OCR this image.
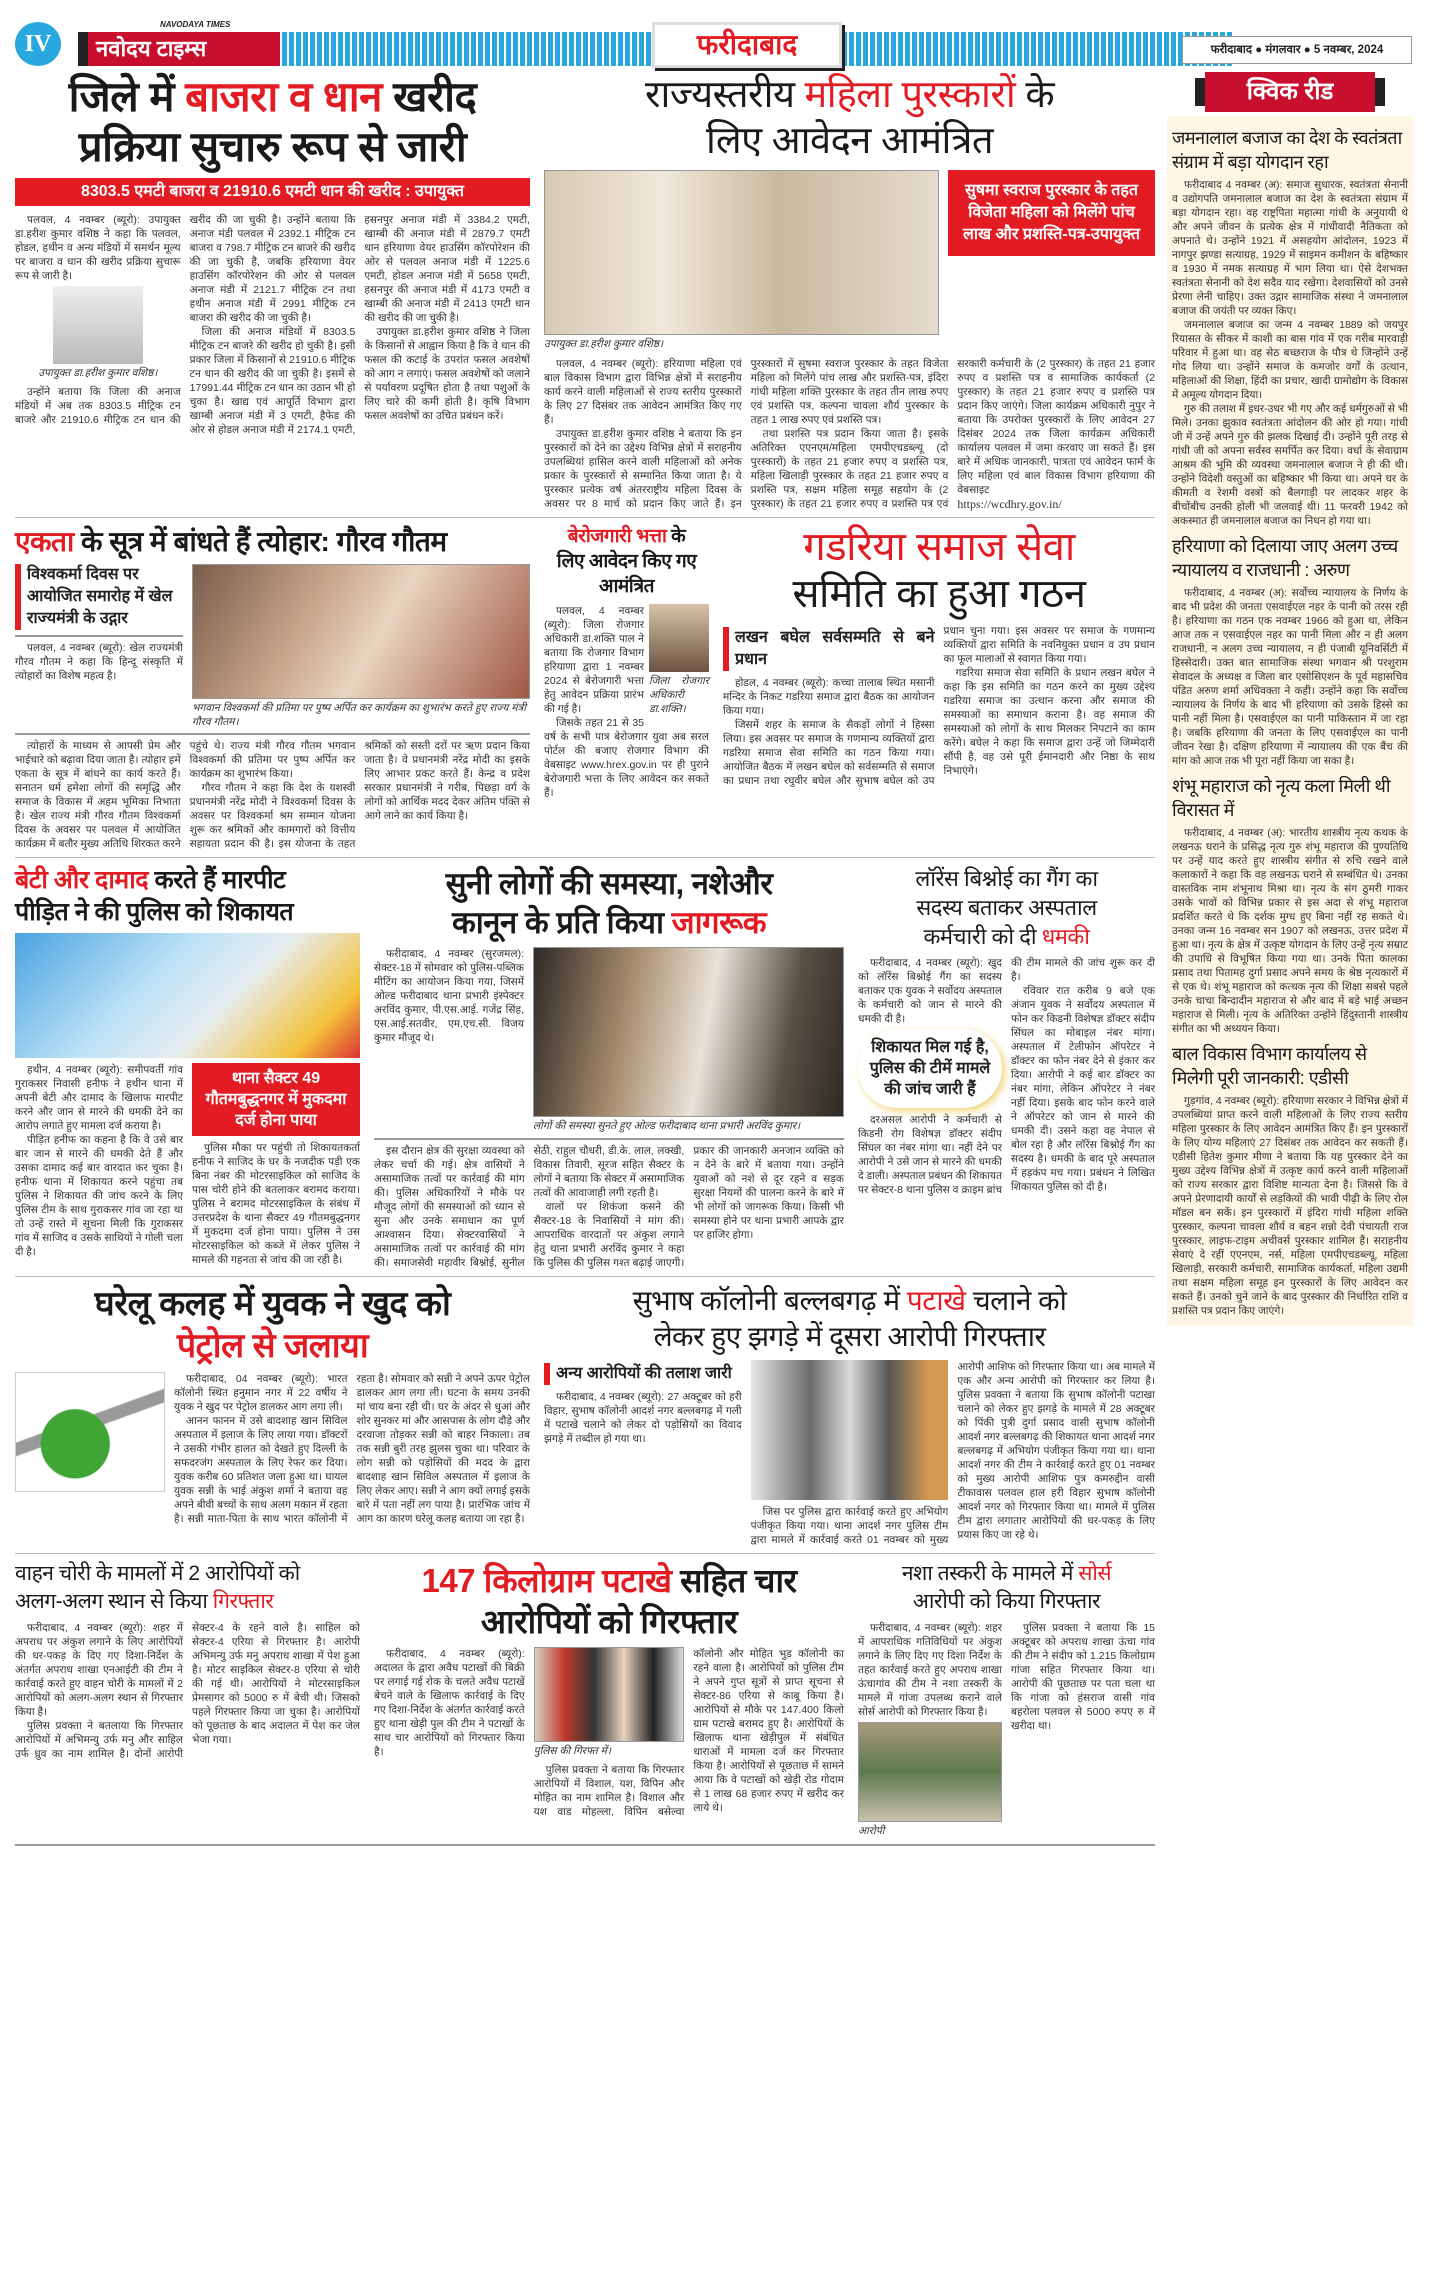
IV
NAVODAYA TIMES
नवोदय टाइम्स	फरीदाबाद	फरीदाबाद ● मंगलवार ● 5 नवम्बर, 2024
जिले में बाजरा व धान खरीद
प्रक्रिया सुचारु रूप से जारी
8303.5 एमटी बाजरा व 21910.6 एमटी धान की खरीद : उपायुक्त

पलवल, 4 नवम्बर (ब्यूरो): उपायुक्त डा.हरीश कुमार वशिष्ठ ने कहा कि पलवल, होडल, हथीन व अन्य मंडियों में समर्थन मूल्य पर बाजरा व धान की खरीद प्रक्रिया सुचारू रूप से जारी है।

उपायुक्त डा.हरीश कुमार वशिष्ठ।

उन्होंने बताया कि जिला की अनाज मंडियों में अब तक 8303.5 मीट्रिक टन बाजरे और 21910.6 मीट्रिक टन धान की खरीद की जा चुकी है। उन्होंने बताया कि अनाज मंडी पलवल में 2392.1 मीट्रिक टन बाजरा व 798.7 मीट्रिक टन बाजरे की खरीद की जा चुकी है, जबकि हरियाणा वेयर हाउसिंग कॉरपोरेशन की ओर से पलवल अनाज मंडी में 2121.7 मीट्रिक टन तथा हथीन अनाज मंडी में 2991 मीट्रिक टन बाजरा की खरीद की जा चुकी है।

जिला की अनाज मंडियों में 8303.5 मीट्रिक टन बाजरे की खरीद हो चुकी है। इसी प्रकार जिला में किसानों से 21910.6 मीट्रिक टन धान की खरीद की जा चुकी है। इसमें से 17991.44 मीट्रिक टन धान का उठान भी हो चुका है। खाद्य एवं आपूर्ति विभाग द्वारा खाम्बी अनाज मंडी में 3 एमटी, हैफेड की ओर से होडल अनाज मंडी में 2174.1 एमटी, हसनपुर अनाज मंडी में 3384.2 एमटी, खाम्बी की अनाज मंडी में 2879.7 एमटी धान हरियाणा वेयर हाउसिंग कॉरपोरेशन की ओर से पलवल अनाज मंडी में 1225.6 एमटी, होडल अनाज मंडी में 5658 एमटी, हसनपुर की अनाज मंडी में 4173 एमटी व खाम्बी की अनाज मंडी में 2413 एमटी धान की खरीद की जा चुकी है।

उपायुक्त डा.हरीश कुमार वशिष्ठ ने जिला के किसानों से आह्वान किया है कि वे धान की फसल की कटाई के उपरांत फसल अवशेषों को आग न लगाएं। फसल अवशेषों को जलाने से पर्यावरण प्रदूषित होता है तथा पशुओं के लिए चारे की कमी होती है। कृषि विभाग फसल अवशेषों का उचित प्रबंधन करें।

राज्यस्तरीय महिला पुरस्कारों के
लिए आवेदन आमंत्रित
उपायुक्त डा.हरीश कुमार वशिष्ठ।
सुषमा स्वराज पुरस्कार के तहत विजेता महिला को मिलेंगे पांच लाख और प्रशस्ति-पत्र-उपायुक्त

पलवल, 4 नवम्बर (ब्यूरो): हरियाणा महिला एवं बाल विकास विभाग द्वारा विभिन्न क्षेत्रों में सराहनीय कार्य करने वाली महिलाओं से राज्य स्तरीय पुरस्कारों के लिए 27 दिसंबर तक आवेदन आमंत्रित किए गए हैं।

उपायुक्त डा.हरीश कुमार वशिष्ठ ने बताया कि इन पुरस्कारों को देने का उद्देश्य विभिन्न क्षेत्रों में सराहनीय उपलब्धियां हासिल करने वाली महिलाओं को अनेक प्रकार के पुरस्कारों से सम्मानित किया जाता है। ये पुरस्कार प्रत्येक वर्ष अंतरराष्ट्रीय महिला दिवस के अवसर पर 8 मार्च को प्रदान किए जाते हैं। इन पुरस्कारों में सुषमा स्वराज पुरस्कार के तहत विजेता महिला को मिलेंगे पांच लाख और प्रशस्ति-पत्र, इंदिरा गांधी महिला शक्ति पुरस्कार के तहत तीन लाख रुपए एवं प्रशस्ति पत्र, कल्पना चावला शौर्य पुरस्कार के तहत 1 लाख रुपए एवं प्रशस्ति पत्र।

तथा प्रशस्ति पत्र प्रदान किया जाता है। इसके अतिरिक्त एएनएम/महिला एमपीएचडब्ल्यू (दो पुरस्कारों) के तहत 21 हजार रुपए व प्रशस्ति पत्र, महिला खिलाड़ी पुरस्कार के तहत 21 हजार रुपए व प्रशस्ति पत्र, सक्षम महिला समूह सहयोग के (2 पुरस्कार) के तहत 21 हजार रुपए व प्रशस्ति पत्र एवं सरकारी कर्मचारी के (2 पुरस्कार) के तहत 21 हजार रुपए व प्रशस्ति पत्र व सामाजिक कार्यकर्ता (2 पुरस्कार) के तहत 21 हजार रुपए व प्रशस्ति पत्र प्रदान किए जाएंगे। जिला कार्यक्रम अधिकारी नुपुर ने बताया कि उपरोक्त पुरस्कारों के लिए आवेदन 27 दिसंबर 2024 तक जिला कार्यक्रम अधिकारी कार्यालय पलवल में जमा करवाए जा सकते हैं। इस बारे में अधिक जानकारी, पात्रता एवं आवेदन फार्म के लिए महिला एवं बाल विकास विभाग हरियाणा की वेबसाइट

https://wcdhry.gov.in/
एकता के सूत्र में बांधते हैं त्योहार: गौरव गौतम
विश्वकर्मा दिवस पर आयोजित समारोह में खेल राज्यमंत्री के उद्गार

पलवल, 4 नवम्बर (ब्यूरो): खेल राज्यमंत्री गौरव गौतम ने कहा कि हिन्दू संस्कृति में त्योहारों का विशेष महत्व है।

भगवान विश्वकर्मा की प्रतिमा पर पुष्प अर्पित कर कार्यक्रम का शुभारंभ करते हुए राज्य मंत्री गौरव गौतम।

त्योहारों के माध्यम से आपसी प्रेम और भाईचारे को बढ़ावा दिया जाता है। त्योहार हमें एकता के सूत्र में बांधने का कार्य करते हैं। सनातन धर्म हमेशा लोगों की समृद्धि और समाज के विकास में अहम भूमिका निभाता है। खेल राज्य मंत्री गौरव गौतम विश्वकर्मा दिवस के अवसर पर पलवल में आयोजित कार्यक्रम में बतौर मुख्य अतिथि शिरकत करने पहुंचे थे। राज्य मंत्री गौरव गौतम भगवान विश्वकर्मा की प्रतिमा पर पुष्प अर्पित कर कार्यक्रम का शुभारंभ किया।

गौरव गौतम ने कहा कि देश के यशस्वी प्रधानमंत्री नरेंद्र मोदी ने विश्वकर्मा दिवस के अवसर पर विश्वकर्मा श्रम सम्मान योजना शुरू कर श्रमिकों और कामगारों को वित्तीय सहायता प्रदान की है। इस योजना के तहत श्रमिकों को सस्ती दरों पर ऋण प्रदान किया जाता है। वे प्रधानमंत्री नरेंद्र मोदी का इसके लिए आभार प्रकट करते हैं। केन्द्र व प्रदेश सरकार प्रधानमंत्री ने गरीब, पिछड़ा वर्ग के लोगों को आर्थिक मदद देकर अंतिम पंक्ति से आगे लाने का कार्य किया है।

बेरोजगारी भत्ता के
लिए आवेदन किए गए आमंत्रित
जिला रोजगार अधिकारी डा.शक्ति।

पलवल, 4 नवम्बर (ब्यूरो): जिला रोजगार अधिकारी डा.शक्ति पाल ने बताया कि रोजगार विभाग हरियाणा द्वारा 1 नवम्बर 2024 से बेरोजगारी भत्ता हेतु आवेदन प्रक्रिया प्रारंभ की गई है।

जिसके तहत 21 से 35 वर्ष के सभी पात्र बेरोजगार युवा अब सरल पोर्टल की बजाए रोजगार विभाग की वेबसाइट www.hrex.gov.in पर ही पुराने बेरोजगारी भत्ता के लिए आवेदन कर सकते हैं।

गडरिया समाज सेवा
समिति का हुआ गठन
लखन बघेल सर्वसम्मति से बने प्रधान

होडल, 4 नवम्बर (ब्यूरो): कच्चा तालाब स्थित मसानी मन्दिर के निकट गडरिया समाज द्वारा बैठक का आयोजन किया गया।

जिसमें शहर के समाज के सैकड़ों लोगों ने हिस्सा लिया। इस अवसर पर समाज के गणमान्य व्यक्तियों द्वारा गडरिया समाज सेवा समिति का गठन किया गया। आयोजित बैठक में लखन बघेल को सर्वसम्मति से समाज का प्रधान तथा रघुवीर बघेल और सुभाष बघेल को उप प्रधान चुना गया। इस अवसर पर समाज के गणमान्य व्यक्तियों द्वारा समिति के नवनियुक्त प्रधान व उप प्रधान का फूल मालाओं से स्वागत किया गया।

गडरिया समाज सेवा समिति के प्रधान लखन बघेल ने कहा कि इस समिति का गठन करने का मुख्य उद्देश्य गडरिया समाज का उत्थान करना और समाज की समस्याओं का समाधान कराना है। वह समाज की समस्याओं को लोगों के साथ मिलकर निपटाने का काम करेंगे। बघेल ने कहा कि समाज द्वारा उन्हें जो जिम्मेदारी सौंपी है, वह उसे पूरी ईमानदारी और निष्ठा के साथ निभाएंगे।

बेटी और दामाद करते हैं मारपीट
पीड़ित ने की पुलिस को शिकायत

हथीन, 4 नवम्बर (ब्यूरो): समीपवर्ती गांव गुराकसर निवासी हनीफ ने हथीन थाना में अपनी बेटी और दामाद के खिलाफ मारपीट करने और जान से मारने की धमकी देने का आरोप लगाते हुए मामला दर्ज कराया है।

पीड़ित हनीफ का कहना है कि वे उसे बार बार जान से मारने की धमकी देते हैं और उसका दामाद कई बार वारदात कर चुका है। हनीफ थाना में शिकायत करने पहुंचा तब पुलिस ने शिकायत की जांच करने के लिए पुलिस टीम के साथ गुराकसर गांव जा रहा था तो उन्हें रास्ते में सूचना मिली कि गुराकसर गांव में साजिद व उसके साथियों ने गोली चला दी है।

थाना सैक्टर 49 गौतमबुद्धनगर में मुकदमा दर्ज होना पाया

पुलिस मौका पर पहुंची तो शिकायतकर्ता हनीफ ने साजिद के घर के नजदीक पड़ी एक बिना नंबर की मोटरसाइकिल को साजिद के पास चोरी होने की बतलाकर बरामद कराया। पुलिस ने बरामद मोटरसाइकिल के संबंध में उत्तरप्रदेश के थाना सैक्टर 49 गौतमबुद्धनगर में मुकदमा दर्ज होना पाया। पुलिस ने उस मोटरसाइकिल को कब्जे में लेकर पुलिस ने मामले की गहनता से जांच की जा रही है।

सुनी लोगों की समस्या, नशेऔर
कानून के प्रति किया जागरूक

फरीदाबाद, 4 नवम्बर (सुरजमल): सेक्टर-18 में सोमवार को पुलिस-पब्लिक मीटिंग का आयोजन किया गया, जिसमें ओल्ड फरीदाबाद थाना प्रभारी इंस्पेक्टर अरविंद कुमार, पी.एस.आई. गजेंद्र सिंह, एस.आई.सतवीर, एम.एच.सी. विजय कुमार मौजूद थे।

लोगों की समस्या सुनते हुए ओल्ड फरीदाबाद थाना प्रभारी अरविंद कुमार।

इस दौरान क्षेत्र की सुरक्षा व्यवस्था को लेकर चर्चा की गई। क्षेत्र वासियों ने असामाजिक तत्वों पर कार्रवाई की मांग की। पुलिस अधिकारियों ने मौके पर मौजूद लोगों की समस्याओं को ध्यान से सुना और उनके समाधान का पूर्ण आश्वासन दिया। सेक्टरवासियों ने असामाजिक तत्वों पर कार्रवाई की मांग की। समाजसेवी महावीर बिश्नोई, सुनील सेठी, राहुल चौधरी, डी.के. लाल, लक्खी, विकास तिवारी, सूरज सहित सैक्टर के लोगों ने बताया कि सेक्टर में असामाजिक तत्वों की आवाजाही लगी रहती है।

वालों पर शिकंजा कसने की सैक्टर-18 के निवासियों ने मांग की। आपराधिक वारदातों पर अंकुश लगाने हेतु थाना प्रभारी अरविंद कुमार ने कहा कि पुलिस की पुलिस गश्त बढ़ाई जाएगी। प्रकार की जानकारी अनजान व्यक्ति को न देने के बारे में बताया गया। उन्होंने युवाओं को नशे से दूर रहने व सड़क सुरक्षा नियमों की पालना करने के बारे में भी लोगों को जागरूक किया। किसी भी समस्या होने पर थाना प्रभारी आपके द्वार पर हाजिर होगा।

लॉरेंस बिश्नोई का गैंग का
सदस्य बताकर अस्पताल
कर्मचारी को दी धमकी

फरीदाबाद, 4 नवम्बर (ब्यूरो): खुद को लॉरेंस बिश्नोई गैंग का सदस्य बताकर एक युवक ने सर्वोदय अस्पताल के कर्मचारी को जान से मारने की धमकी दी है।

शिकायत मिल गई है, पुलिस की टीमें मामले की जांच जारी हैं

दरअसल आरोपी ने कर्मचारी से किडनी रोग विशेषज्ञ डॉक्टर संदीप सिंघल का नंबर मांगा था। नहीं देने पर आरोपी ने उसे जान से मारने की धमकी दे डाली। अस्पताल प्रबंधन की शिकायत पर सेक्टर-8 थाना पुलिस व क्राइम ब्रांच की टीम मामले की जांच शुरू कर दी है।

रविवार रात करीब 9 बजे एक अंजान युवक ने सर्वोदय अस्पताल में फोन कर किडनी विशेषज्ञ डॉक्टर संदीप सिंघल का मोबाइल नंबर मांगा। अस्पताल में टेलीफोन ऑपरेटर ने डॉक्टर का फोन नंबर देने से इंकार कर दिया। आरोपी ने कई बार डॉक्टर का नंबर मांगा, लेकिन ऑपरेटर ने नंबर नहीं दिया। इसके बाद फोन करने वाले ने ऑपरेटर को जान से मारने की धमकी दी। उसने कहा वह नेपाल से बोल रहा है और लॉरेंस बिश्नोई गैंग का सदस्य है। धमकी के बाद पूरे अस्पताल में हड़कंप मच गया। प्रबंधन ने लिखित शिकायत पुलिस को दी है।

घरेलू कलह में युवक ने खुद को
पेट्रोल से जलाया

फरीदाबाद, 04 नवम्बर (ब्यूरो): भारत कॉलोनी स्थित हनुमान नगर में 22 वर्षीय ने युवक ने खुद पर पेट्रोल डालकर आग लगा ली।

आनन फानन में उसे बादशाह खान सिविल अस्पताल में इलाज के लिए लाया गया। डॉक्टरों ने उसकी गंभीर हालत को देखते हुए दिल्ली के सफदरजंग अस्पताल के लिए रेफर कर दिया। युवक करीब 60 प्रतिशत जला हुआ था। घायल युवक सन्नी के भाई अंकुश शर्मा ने बताया वह अपने बीवी बच्चों के साथ अलग मकान में रहता है। सन्नी माता-पिता के साथ भारत कॉलोनी में रहता है। सोमवार को सन्नी ने अपने ऊपर पेट्रोल डालकर आग लगा ली। घटना के समय उनकी मां चाय बना रही थी। घर के अंदर से धुआं और शोर सुनकर मां और आसपास के लोग दौड़े और दरवाजा तोड़कर सन्नी को बाहर निकाला। तब तक सन्नी बुरी तरह झुलस चुका था। परिवार के लोग सन्नी को पड़ोसियों की मदद के द्वारा बादशाह खान सिविल अस्पताल में इलाज के लिए लेकर आए। सन्नी ने आग क्यों लगाई इसके बारे में पता नहीं लग पाया है। प्रारंभिक जांच में आग का कारण घरेलू कलह बताया जा रहा है।

सुभाष कॉलोनी बल्लबगढ़ में पटाखे चलाने को
लेकर हुए झगड़े में दूसरा आरोपी गिरफ्तार
अन्य आरोपियों की तलाश जारी

फरीदाबाद, 4 नवम्बर (ब्यूरो): 27 अक्टूबर को हरी विहार, सुभाष कॉलोनी आदर्श नगर बल्लबगढ़ में गली में पटाखे चलाने को लेकर दो पड़ोसियों का विवाद झगड़े में तब्दील हो गया था।

जिस पर पुलिस द्वारा कार्रवाई करते हुए अभियोग पंजीकृत किया गया। थाना आदर्श नगर पुलिस टीम द्वारा मामले में कार्रवाई करते 01 नवम्बर को मुख्य आरोपी आशिफ को गिरफ्तार किया था। अब मामले में एक और अन्य आरोपी को गिरफ्तार कर लिया है। पुलिस प्रवक्ता ने बताया कि सुभाष कॉलोनी पटाखा चलाने को लेकर हुए झगड़े के मामले में 28 अक्टूबर को पिंकी पुत्री दुर्गा प्रसाद वासी सुभाष कॉलोनी आदर्श नगर बल्लबगढ़ की शिकायत थाना आदर्श नगर बल्लबगढ़ में अभियोग पंजीकृत किया गया था। थाना आदर्श नगर की टीम ने कार्रवाई करते हुए 01 नवम्बर को मुख्य आरोपी आशिफ पुत्र कमरुद्दीन वासी टीकावास पलवल हाल हरी विहार सुभाष कॉलोनी आदर्श नगर को गिरफ्तार किया था। मामले में पुलिस टीम द्वारा लगातार आरोपियों की धर-पकड़ के लिए प्रयास किए जा रहे थे।

वाहन चोरी के मामलों में 2 आरोपियों को
अलग-अलग स्थान से किया गिरफ्तार

फरीदाबाद, 4 नवम्बर (ब्यूरो): शहर में अपराध पर अंकुश लगाने के लिए आरोपियों की धर-पकड़ के दिए गए दिशा-निर्देश के अंतर्गत अपराध शाखा एनआईटी की टीम ने कार्रवाई करते हुए वाहन चोरी के मामलों में 2 आरोपियों को अलग-अलग स्थान से गिरफ्तार किया है।

पुलिस प्रवक्ता ने बतलाया कि गिरफ्तार आरोपियों में अभिमन्यु उर्फ मनु और साहिल उर्फ ध्रुव का नाम शामिल है। दोनों आरोपी सेक्टर-4 के रहने वाले है। साहिल को सेक्टर-4 एरिया से गिरफ्तार है। आरोपी अभिमन्यु उर्फ मनु अपराध शाखा में पेश हुआ है। मोटर साइकिल सेक्टर-8 एरिया से चोरी की गई थी। आरोपियों ने मोटरसाइकिल प्रेमसागर को 5000 रु में बेची थी। जिसको पहले गिरफ्तार किया जा चुका है। आरोपियों को पूछताछ के बाद अदालत में पेश कर जेल भेजा गया।

147 किलोग्राम पटाखे सहित चार
आरोपियों को गिरफ्तार

फरीदाबाद, 4 नवम्बर (ब्यूरो): अदालत के द्वारा अवैध पटाखों की बिक्री पर लगाई गई रोक के चलते अवैध पटाखें बेचने वाले के खिलाफ कार्रवाई के दिए गए दिशा-निर्देश के अंतर्गत कार्रवाई करते हुए थाना खेड़ी पुल की टीम ने पटाखों के साथ चार आरोपियों को गिरफ्तार किया है।	पुलिस की गिरफ्त में।

पुलिस प्रवक्ता ने बताया कि गिरफ्तार आरोपियों में विशाल, यश, विपिन और मोहित का नाम शामिल है। विशाल और यश वाड मोहल्ला, विपिन बसेल्वा कॉलोनी और मोहित भुड कॉलोनी का रहने वाला है। आरोपियों को पुलिस टीम ने अपने गुप्त सूत्रों से प्राप्त सूचना से सेक्टर-86 एरिया से काबू किया है। आरोपियों से मौके पर 147.400 किलो ग्राम पटाखे बरामद हुए है। आरोपियों के खिलाफ थाना खेड़ीपुल में संबंधित धाराओं में मामला दर्ज कर गिरफ्तार किया है। आरोपियों से पूछताछ में सामने आया कि वे पटाखों को खेड़ी रोड गोदाम से 1 लाख 68 हजार रुपए में खरीद कर लाये थे।

नशा तस्करी के मामले में सोर्स
आरोपी को किया गिरफ्तार

फरीदाबाद, 4 नवम्बर (ब्यूरो): शहर में आपराधिक गतिविधियों पर अंकुश लगाने के लिए दिए गए दिशा निर्देश के तहत कार्रवाई करते हुए अपराध शाखा ऊंचागांव की टीम ने नशा तस्करी के मामले में गांजा उपलब्ध कराने वाले सोर्स आरोपी को गिरफ्तार किया है।

आरोपी

पुलिस प्रवक्ता ने बताया कि 15 अक्टूबर को अपराध शाखा ऊंचा गांव की टीम ने संदीप को 1.215 किलोग्राम गांजा सहित गिरफ्तार किया था। आरोपी की पूछताछ पर पता चला था कि गांजा को हंसराज वासी गांव बहरोला पलवल से 5000 रुपए रु में खरीदा था।

क्विक रीड
जमनालाल बजाज का देश के स्वतंत्रता संग्राम में बड़ा योगदान रहा

फरीदाबाद 4 नवम्बर (अ): समाज सुधारक, स्वतंत्रता सेनानी व उद्योगपति जमनालाल बजाज का देश के स्वतंत्रता संग्राम में बड़ा योगदान रहा। वह राष्ट्रपिता महात्मा गांधी के अनुयायी थे और अपने जीवन के प्रत्येक क्षेत्र में गांधीवादी नैतिकता को अपनाते थे। उन्होंने 1921 में असहयोग आंदोलन, 1923 में नागपुर झण्डा सत्याग्रह, 1929 में साइमन कमीशन के बहिष्कार व 1930 में नमक सत्याग्रह में भाग लिया था। ऐसे देशभक्त स्वतंत्रता सेनानी को देश सदैव याद रखेगा। देशवासियों को उनसे प्रेरणा लेनी चाहिए। उक्त उद्गार सामाजिक संस्था ने जमनालाल बजाज की जयंती पर व्यक्त किए।

जमनालाल बजाज का जन्म 4 नवम्बर 1889 को जयपुर रियासत के सीकर में काशी का बास गांव में एक गरीब मारवाड़ी परिवार में हुआ था। वह सेठ बच्छराज के पौत्र थे जिन्होंने उन्हें गोद लिया था। उन्होंने समाज के कमजोर वर्गों के उत्थान, महिलाओं की शिक्षा, हिंदी का प्रचार, खादी ग्रामोद्योग के विकास में अमूल्य योगदान दिया।

गुरु की तलाश में इधर-उधर भी गए और कई धर्मगुरुओं से भी मिले। उनका झुकाव स्वतंत्रता आंदोलन की ओर हो गया। गांधी जी में उन्हें अपने गुरु की झलक दिखाई दी। उन्होंने पूरी तरह से गांधी जी को अपना सर्वस्व समर्पित कर दिया। वर्धा के सेवाग्राम आश्रम की भूमि की व्यवस्था जमनालाल बजाज ने ही की थी। उन्होंने विदेशी वस्तुओं का बहिष्कार भी किया था। अपने घर के कीमती व रेशमी वस्त्रों को बैलगाड़ी पर लादकर शहर के बीचोंबीच उनकी होली भी जलवाई थी। 11 फरवरी 1942 को अकस्मात ही जमनालाल बजाज का निधन हो गया था।

हरियाणा को दिलाया जाए अलग उच्च न्यायालय व राजधानी : अरुण

फरीदाबाद, 4 नवम्बर (अ): सर्वोच्च न्यायालय के निर्णय के बाद भी प्रदेश की जनता एसवाईएल नहर के पानी को तरस रही है। हरियाणा का गठन एक नवम्बर 1966 को हुआ था, लेकिन आज तक न एसवाईएल नहर का पानी मिला और न ही अलग राजधानी, न अलग उच्च न्यायालय, न ही पंजाबी यूनिवर्सिटी में हिस्सेदारी। उक्त बात सामाजिक संस्था भगवान श्री परशुराम सेवादल के अध्यक्ष व जिला बार एसोसिएशन के पूर्व महासचिव पंडित अरुण शर्मा अधिवक्ता ने कही। उन्होंने कहा कि सर्वोच्च न्यायालय के निर्णय के बाद भी हरियाणा को उसके हिस्से का पानी नहीं मिला है। एसवाईएल का पानी पाकिस्तान में जा रहा है। जबकि हरियाणा की जनता के लिए एसवाईएल का पानी जीवन रेखा है। दक्षिण हरियाणा में न्यायालय की एक बैंच की मांग को आज तक भी पूरा नहीं किया जा सका है।

शंभू महाराज को नृत्य कला मिली थी विरासत में

फरीदाबाद, 4 नवम्बर (अ): भारतीय शास्त्रीय नृत्य कथक के लखनऊ घराने के प्रसिद्ध नृत्य गुरु शंभू महाराज की पुण्यतिथि पर उन्हें याद करते हुए शास्त्रीय संगीत से रुचि रखने वाले कलाकारों ने कहा कि वह लखनऊ घराने से सम्बंधित थे। उनका वास्तविक नाम शंभूनाथ मिश्रा था। नृत्य के संग ठुमरी गाकर उसके भावों को विभिन्न प्रकार से इस अदा से शंभू महाराज प्रदर्शित करते थे कि दर्शक मुग्ध हुए बिना नहीं रह सकते थे। उनका जन्म 16 नवम्बर सन 1907 को लखनऊ, उत्तर प्रदेश में हुआ था। नृत्य के क्षेत्र में उत्कृष्ट योगदान के लिए उन्हें नृत्य सम्राट की उपाधि से विभूषित किया गया था। उनके पिता कालका प्रसाद तथा पितामह दुर्गा प्रसाद अपने समय के श्रेष्ठ नृत्यकारों में से एक थे। शंभू महाराज को कत्थक नृत्य की शिक्षा सबसे पहले उनके चाचा बिन्दादीन महाराज से और बाद में बड़े भाई अच्छन महाराज से मिली। नृत्य के अतिरिक्त उन्होंने हिंदुस्तानी शास्त्रीय संगीत का भी अध्ययन किया।

बाल विकास विभाग कार्यालय से मिलेगी पूरी जानकारी: एडीसी

गुड़गांव, 4 नवम्बर (ब्यूरो): हरियाणा सरकार ने विभिन्न क्षेत्रों में उपलब्धियां प्राप्त करने वाली महिलाओं के लिए राज्य स्तरीय महिला पुरस्कार के लिए आवेदन आमंत्रित किए हैं। इन पुरस्कारों के लिए योग्य महिलाएं 27 दिसंबर तक आवेदन कर सकती हैं। एडीसी हितेश कुमार मीणा ने बताया कि यह पुरस्कार देने का मुख्य उद्देश्य विभिन्न क्षेत्रों में उत्कृष्ट कार्य करने वाली महिलाओं को राज्य सरकार द्वारा विशिष्ट मान्यता देना है। जिससे कि वे अपने प्रेरणादायी कार्यों से लड़कियों की भावी पीढ़ी के लिए रोल मॉडल बन सकें। इन पुरस्कारों में इंदिरा गांधी महिला शक्ति पुरस्कार, कल्पना चावला शौर्य व बहन शन्नो देवी पंचायती राज पुरस्कार, लाइफ-टाइम अचीवर्स पुरस्कार शामिल हैं। सराहनीय सेवाएं दे रहीं एएनएम, नर्स, महिला एमपीएचडब्ल्यू, महिला खिलाड़ी, सरकारी कर्मचारी, सामाजिक कार्यकर्ता, महिला उद्यमी तथा सक्षम महिला समूह इन पुरस्कारों के लिए आवेदन कर सकते हैं। उनको चुने जाने के बाद पुरस्कार की निर्धारित राशि व प्रशस्ति पत्र प्रदान किए जाएंगे।
